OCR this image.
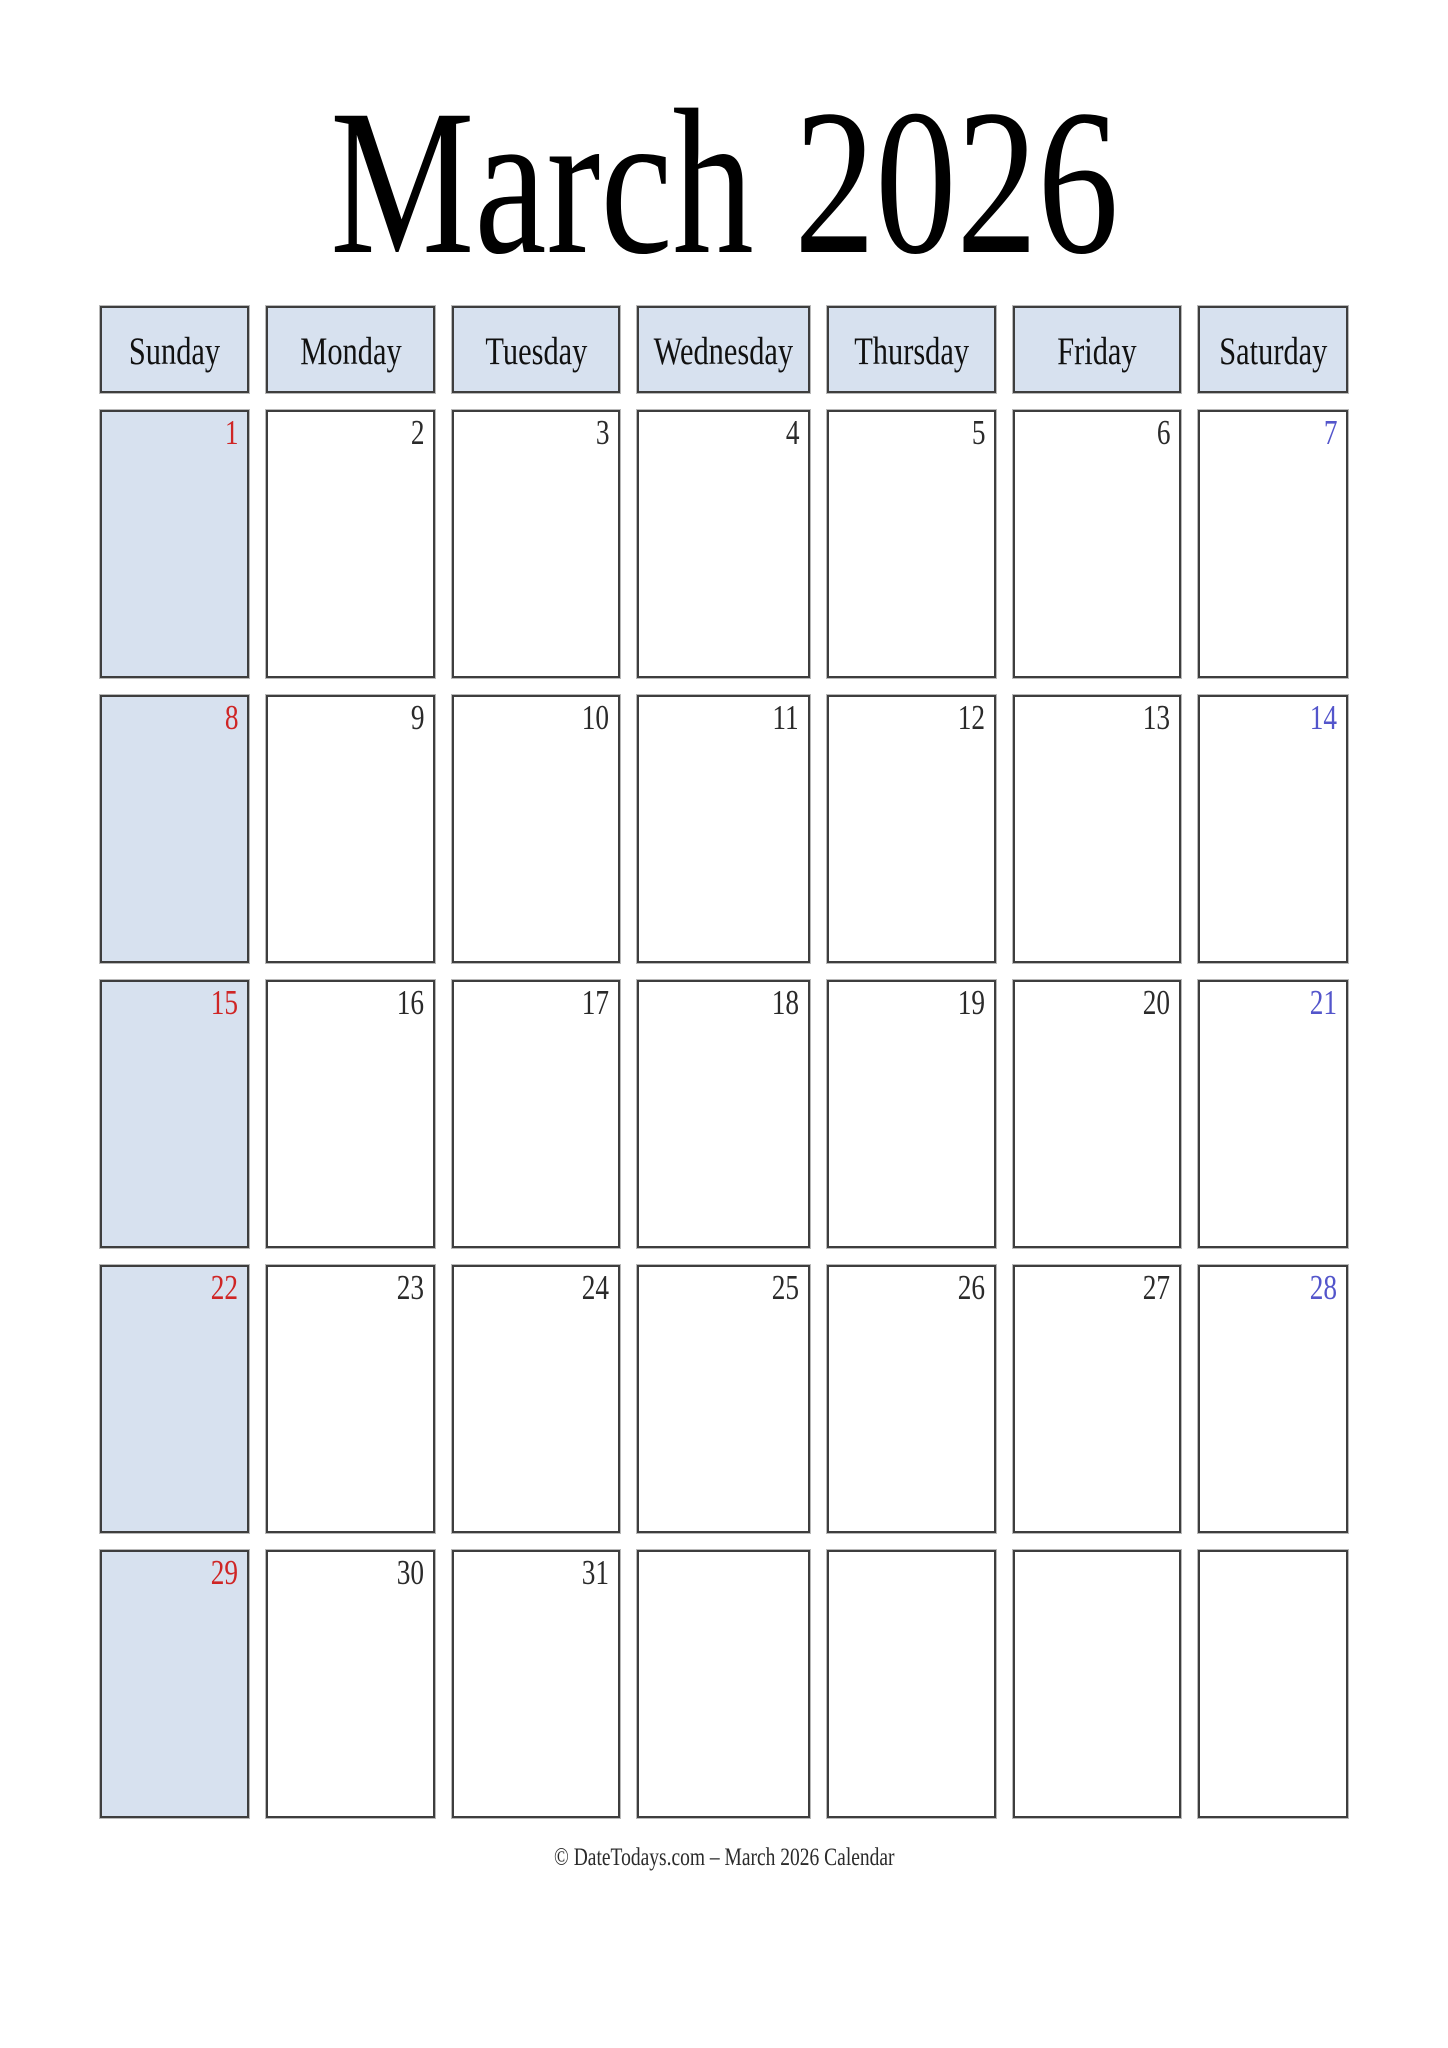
March 2026
Sunday Monday Tuesday Wednesday Thursday Friday Saturday
1	2	3	4	5	6	7
8	9	10	11	12	13	14
15	16	17	18	19	20	21
22	23	24	25	26	27	28
29	30	31
© DateTodays.com – March 2026 Calendar
